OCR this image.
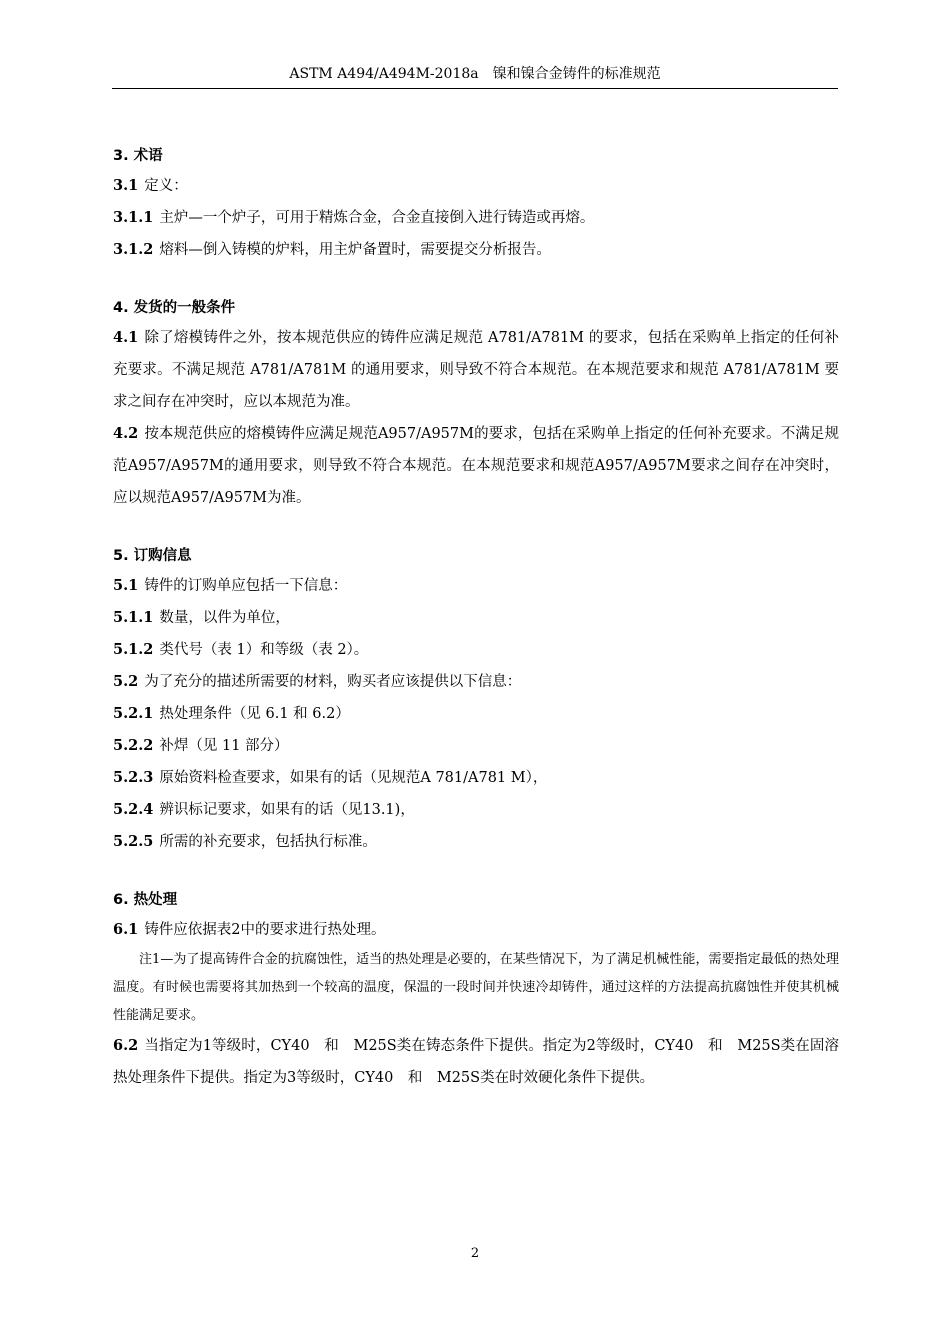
ASTM A494/A494M-2018a　镍和镍合金铸件的标准规范
3. 术语
3.1 定义：
3.1.1 主炉—一个炉子，可用于精炼合金，合金直接倒入进行铸造或再熔。
3.1.2 熔料—倒入铸模的炉料，用主炉备置时，需要提交分析报告。
4. 发货的一般条件
4.1 除了熔模铸件之外，按本规范供应的铸件应满足规范 A781/A781M 的要求，包括在采购单上指定的任何补充要求。不满足规范 A781/A781M 的通用要求，则导致不符合本规范。在本规范要求和规范 A781/A781M 要求之间存在冲突时，应以本规范为准。
4.2 按本规范供应的熔模铸件应满足规范A957/A957M的要求，包括在采购单上指定的任何补充要求。不满足规范A957/A957M的通用要求，则导致不符合本规范。在本规范要求和规范A957/A957M要求之间存在冲突时，应以规范A957/A957M为准。
5. 订购信息
5.1 铸件的订购单应包括一下信息：
5.1.1 数量，以件为单位，
5.1.2 类代号（表 1）和等级（表 2）。
5.2 为了充分的描述所需要的材料，购买者应该提供以下信息：
5.2.1 热处理条件（见 6.1 和 6.2）
5.2.2 补焊（见 11 部分）
5.2.3 原始资料检查要求，如果有的话（见规范A 781/A781 M），
5.2.4 辨识标记要求，如果有的话（见13.1)，
5.2.5 所需的补充要求，包括执行标准。
6. 热处理
6.1 铸件应依据表2中的要求进行热处理。
注1—为了提高铸件合金的抗腐蚀性，适当的热处理是必要的，在某些情况下，为了满足机械性能，需要指定最低的热处理温度。有时候也需要将其加热到一个较高的温度，保温的一段时间并快速冷却铸件，通过这样的方法提高抗腐蚀性并使其机械性能满足要求。
6.2 当指定为1等级时，CY40　和　M25S类在铸态条件下提供。指定为2等级时，CY40　和　M25S类在固溶热处理条件下提供。指定为3等级时，CY40　和　M25S类在时效硬化条件下提供。
2
